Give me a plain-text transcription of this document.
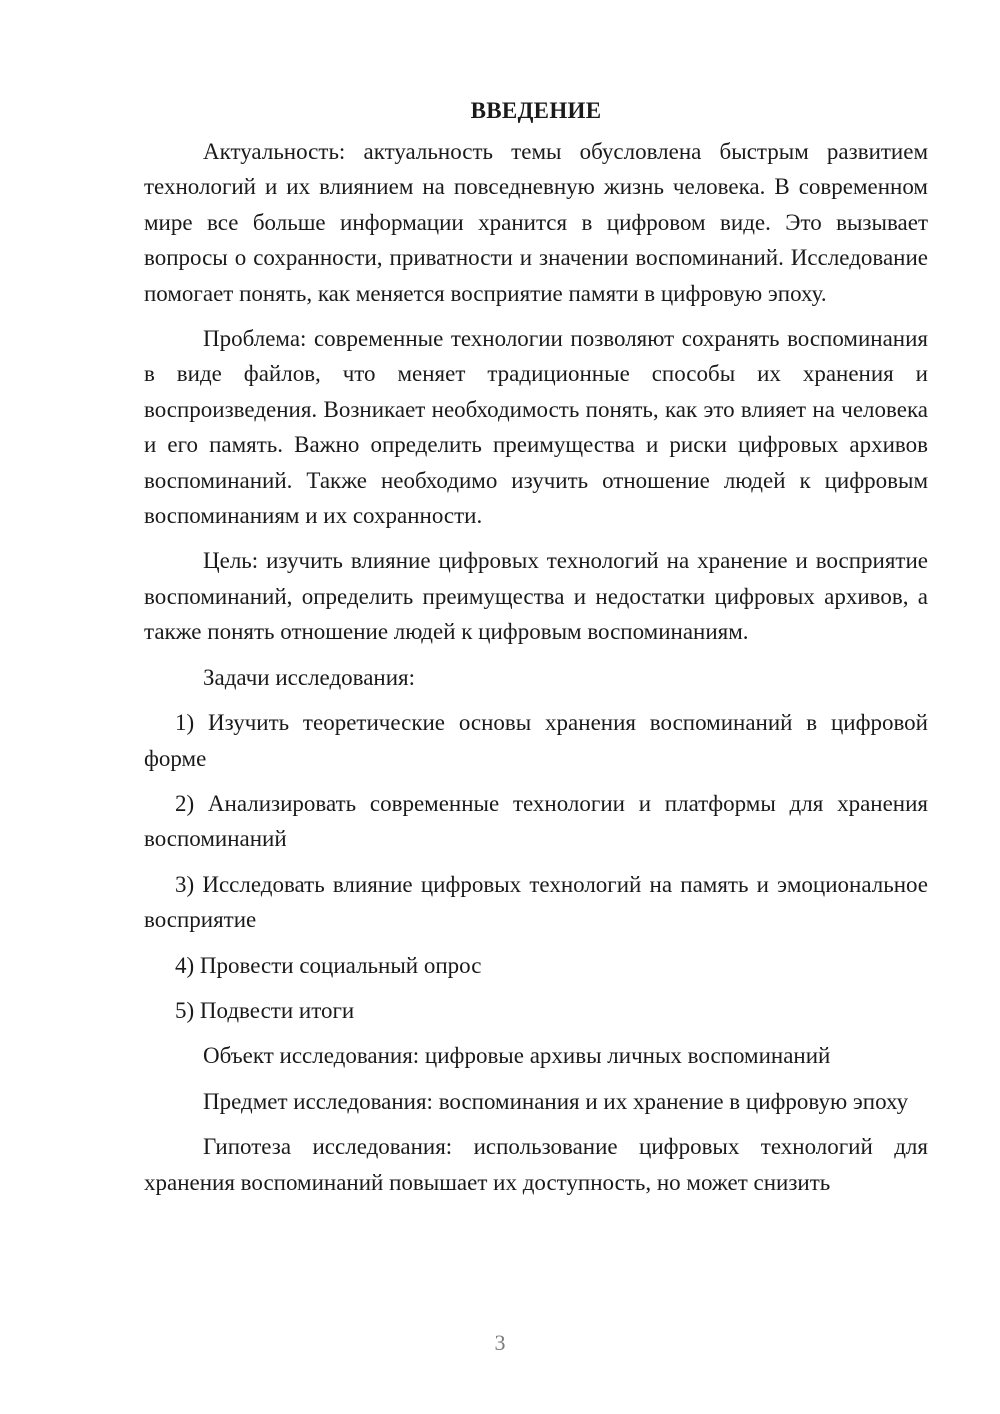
ВВЕДЕНИЕ

Актуальность: актуальность темы обусловлена быстрым развитием технологий и их влиянием на повседневную жизнь человека. В современном мире все больше информации хранится в цифровом виде. Это вызывает вопросы о сохранности, приватности и значении воспоминаний. Исследование помогает понять, как меняется восприятие памяти в цифровую эпоху.

Проблема: современные технологии позволяют сохранять воспоминания в виде файлов, что меняет традиционные способы их хранения и воспроизведения. Возникает необходимость понять, как это влияет на человека и его память. Важно определить преимущества и риски цифровых архивов воспоминаний. Также необходимо изучить отношение людей к цифровым воспоминаниям и их сохранности.

Цель: изучить влияние цифровых технологий на хранение и восприятие воспоминаний, определить преимущества и недостатки цифровых архивов, а также понять отношение людей к цифровым воспоминаниям.

Задачи исследования:

1) Изучить теоретические основы хранения воспоминаний в цифровой форме

2) Анализировать современные технологии и платформы для хранения воспоминаний

3) Исследовать влияние цифровых технологий на память и эмоциональное восприятие

4) Провести социальный опрос

5) Подвести итоги

Объект исследования: цифровые архивы личных воспоминаний

Предмет исследования: воспоминания и их хранение в цифровую эпоху

Гипотеза исследования: использование цифровых технологий для хранения воспоминаний повышает их доступность, но может снизить

3
